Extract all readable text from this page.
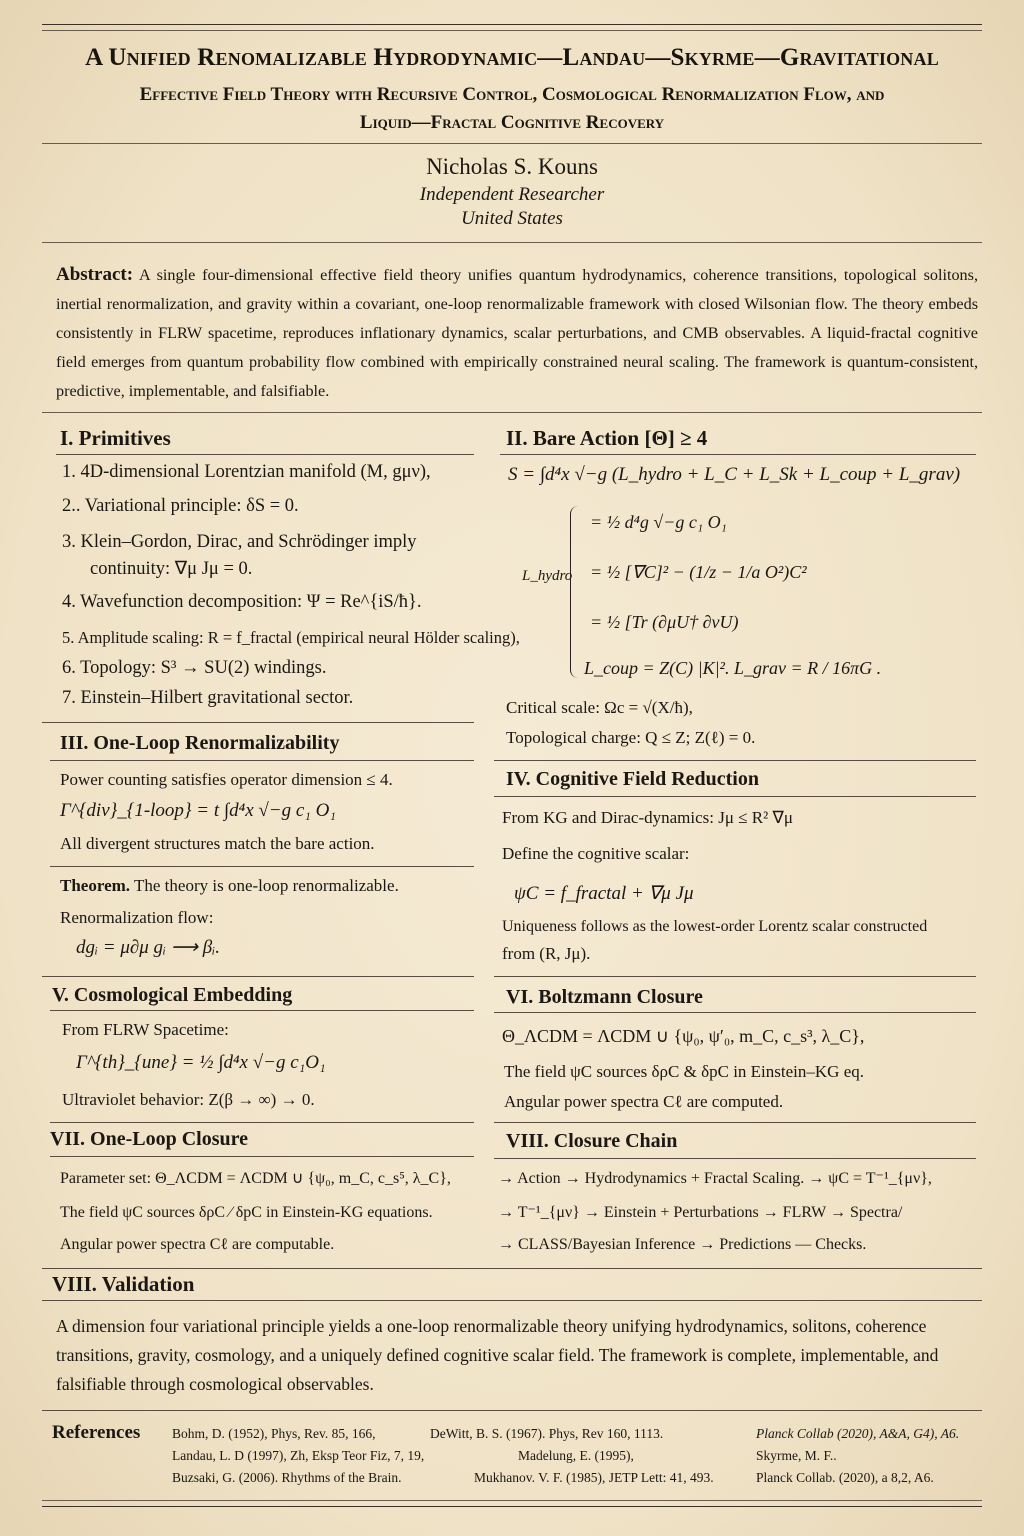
A Unified Renomalizable Hydrodynamic—Landau—Skyrme—Gravitational
Effective Field Theory with Recursive Control, Cosmological Renormalization Flow, and
Liquid—Fractal Cognitive Recovery
Nicholas S. Kouns
Independent Researcher
United States
Abstract: A single four-dimensional effective field theory unifies quantum hydrodynamics, coherence transitions, topological solitons, inertial renormalization, and gravity within a covariant, one-loop renormalizable framework with closed Wilsonian flow. The theory embeds consistently in FLRW spacetime, reproduces inflationary dynamics, scalar perturbations, and CMB observables. A liquid-fractal cognitive field emerges from quantum probability flow combined with empirically constrained neural scaling. The framework is quantum-consistent, predictive, implementable, and falsifiable.
I. Primitives
1. 4D-dimensional Lorentzian manifold (M, gμν),
2.. Variational principle: δS = 0.
3. Klein–Gordon, Dirac, and Schrödinger imply
continuity: ∇μ Jμ = 0.
4. Wavefunction decomposition: Ψ = Re^{iS/ħ}.
5. Amplitude scaling: R = f_fractal (empirical neural Hölder scaling),
6. Topology: S³ → SU(2) windings.
7. Einstein–Hilbert gravitational sector.
II. Bare Action [Θ] ≥ 4
S = ∫d⁴x √−g (L_hydro + L_C + L_Sk + L_coup + L_grav)
L_hydro
= ½ d⁴g √−g c₁ O₁
= ½ [∇C]² − (1/z − 1/a O²)C²
= ½ [Tr (∂μU† ∂νU)
L_coup = Z(C) |K|². L_grav = R / 16πG .
Critical scale: Ωc = √(X/ħ),
Topological charge: Q ≤ Z; Z(ℓ) = 0.
III. One-Loop Renormalizability
Power counting satisfies operator dimension ≤ 4.
Γ^{div}_{1-loop} = t ∫d⁴x √−g c₁ O₁
All divergent structures match the bare action.
Theorem. The theory is one-loop renormalizable.
Renormalization flow:
dgᵢ = μ∂μ gᵢ ⟶ βᵢ.
IV. Cognitive Field Reduction
From KG and Dirac-dynamics: Jμ ≤ R² ∇μ
Define the cognitive scalar:
ψC = f_fractal + ∇μ Jμ
Uniqueness follows as the lowest-order Lorentz scalar constructed
from (R, Jμ).
V. Cosmological Embedding
From FLRW Spacetime:
Γ^{th}_{une} = ½ ∫d⁴x √−g c₁O₁
Ultraviolet behavior: Z(β → ∞) → 0.
VI. Boltzmann Closure
Θ_ΛCDM = ΛCDM ∪ {ψ₀, ψ′₀, m_C, c_s³, λ_C},
The field ψC sources δρC & δpC in Einstein–KG eq.
Angular power spectra Cℓ are computed.
VII. One-Loop Closure
Parameter set: Θ_ΛCDM = ΛCDM ∪ {ψ₀, m_C, c_s⁵, λ_C},
The field ψC sources δρC ∕ δpC in Einstein-KG equations.
Angular power spectra Cℓ are computable.
VIII. Closure Chain
→ Action → Hydrodynamics + Fractal Scaling. → ψC = T⁻¹_{μν},
→ T⁻¹_{μν} → Einstein + Perturbations → FLRW → Spectra/
→ CLASS/Bayesian Inference → Predictions — Checks.
VIII. Validation
A dimension four variational principle yields a one-loop renormalizable theory unifying hydrodynamics, solitons, coherence transitions, gravity, cosmology, and a uniquely defined cognitive scalar field. The framework is complete, implementable, and falsifiable through cosmological observables.
References Bohm, D. (1952), Phys, Rev. 85, 166,	DeWitt, B. S. (1967). Phys, Rev 160, 1113.	Planck Collab (2020), A&A, G4), A6.
Landau, L. D (1997), Zh, Eksp Teor Fiz, 7, 19,	Madelung, E. (1995),	Skyrme, M. F..
Buzsaki, G. (2006). Rhythms of the Brain.	Mukhanov. V. F. (1985), JETP Lett: 41, 493.	Planck Collab. (2020), a 8,2, A6.
